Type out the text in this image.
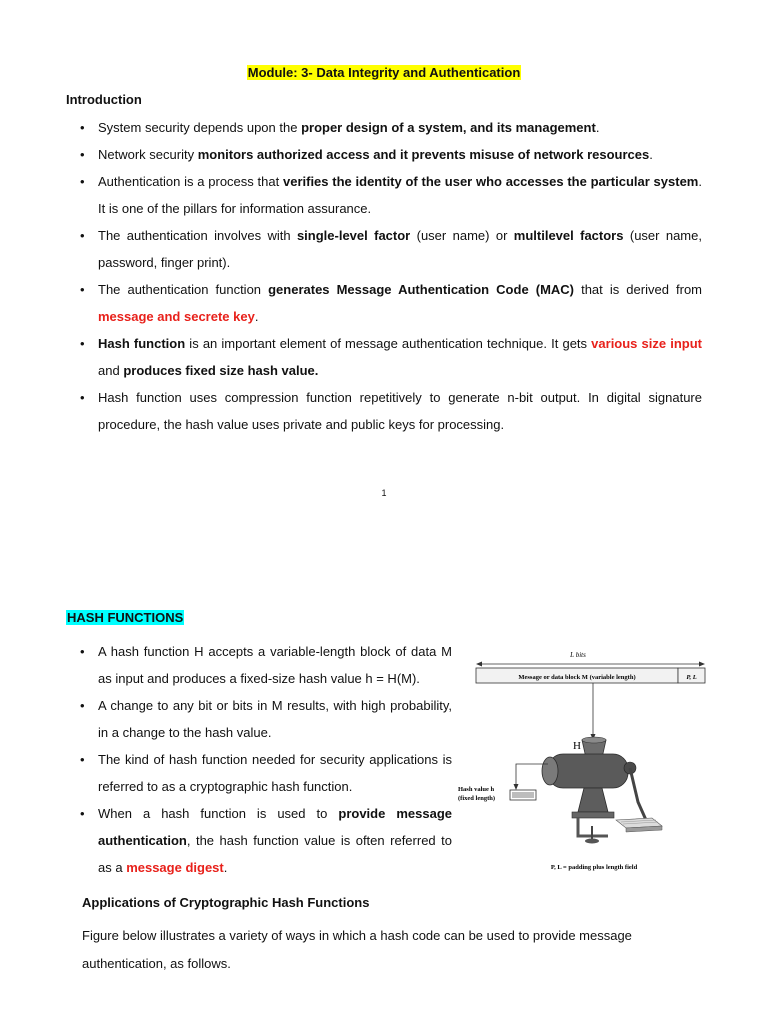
Module: 3- Data Integrity and Authentication
Introduction
• System security depends upon the proper design of a system, and its management.
• Network security monitors authorized access and it prevents misuse of network resources.
• Authentication is a process that verifies the identity of the user who accesses the particular system. It is one of the pillars for information assurance.
• The authentication involves with single-level factor (user name) or multilevel factors (user name, password, finger print).
• The authentication function generates Message Authentication Code (MAC) that is derived from message and secrete key.
• Hash function is an important element of message authentication technique. It gets various size input and produces fixed size hash value.
• Hash function uses compression function repetitively to generate n-bit output. In digital signature procedure, the hash value uses private and public keys for processing.
1
HASH FUNCTIONS
• A hash function H accepts a variable-length block of data M as input and produces a fixed-size hash value h = H(M).
• A change to any bit or bits in M results, with high probability, in a change to the hash value.
• The kind of hash function needed for security applications is referred to as a cryptographic hash function.
• When a hash function is used to provide message authentication, the hash function value is often referred to as a message digest.
L bits
Message or data block M (variable length)	P, L
H
Hash value h
(fixed length)
P, L = padding plus length field
Applications of Cryptographic Hash Functions
Figure below illustrates a variety of ways in which a hash code can be used to provide message authentication, as follows.
